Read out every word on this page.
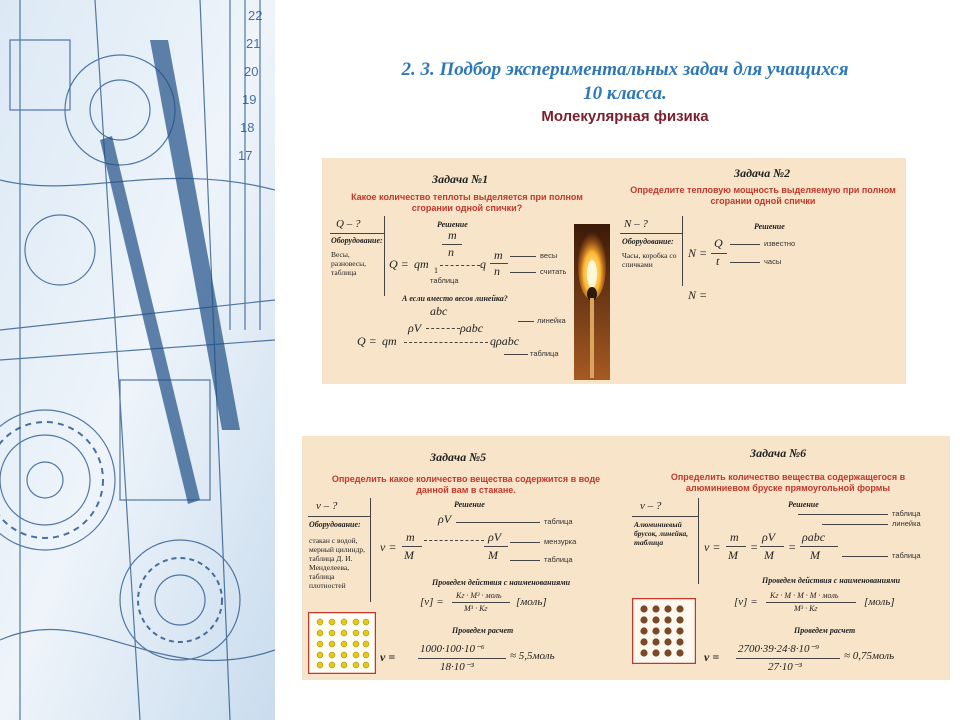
22
21
20
19
18
17
2. 3. Подбор экспериментальных задач для учащихся
10 класса.
Молекулярная физика
Задача №1
Какое количество теплоты выделяется при полном сгорании одной спички?
Q – ?
Оборудование:
Весы, разновесы, таблица
Решение
m
n
Q = qm 1	q
m
n
весы
считать
таблица
А если вместо весов линейка?
abc
ρV	ρabc
Q = qm	qρabc
линейка
таблица
Задача №2
Определите тепловую мощность выделяемую при полном сгорании одной спички
N – ?
Оборудование:
Часы, коробка со спичками
Решение
N =
Q
t
известно
часы
N =
Задача №5
Определить какое количество вещества содержится в воде данной вам в стакане.
ν – ?
Оборудование:
стакан с водой, мерный цилиндр, таблица Д. И. Менделеева, таблица плотностей
Решение
ν =
m
M
ρV
ρV
M
таблица
мензурка
таблица
Проведем действия с наименованиями
[ν] =
Кг · М³ · моль
М³ · Кг
[моль]
Проведем расчет
ν =
1000·100·10⁻⁶
18·10⁻³
≈ 5,5моль
Задача №6
Определить количество вещества содержащегося в алюминиевом бруске прямоугольной формы
ν – ?
Алюминиевый брусок, линейка, таблица
Решение
ν =
m
M
=
ρV
M
=
ρabc
M
таблица
линейка
таблица
Проведем действия с наименованиями
[ν] =
Кг · М · М · М · моль
М³ · Кг
[моль]
Проведем расчет
ν =
2700·39·24·8·10⁻⁹
27·10⁻³
≈ 0,75моль
